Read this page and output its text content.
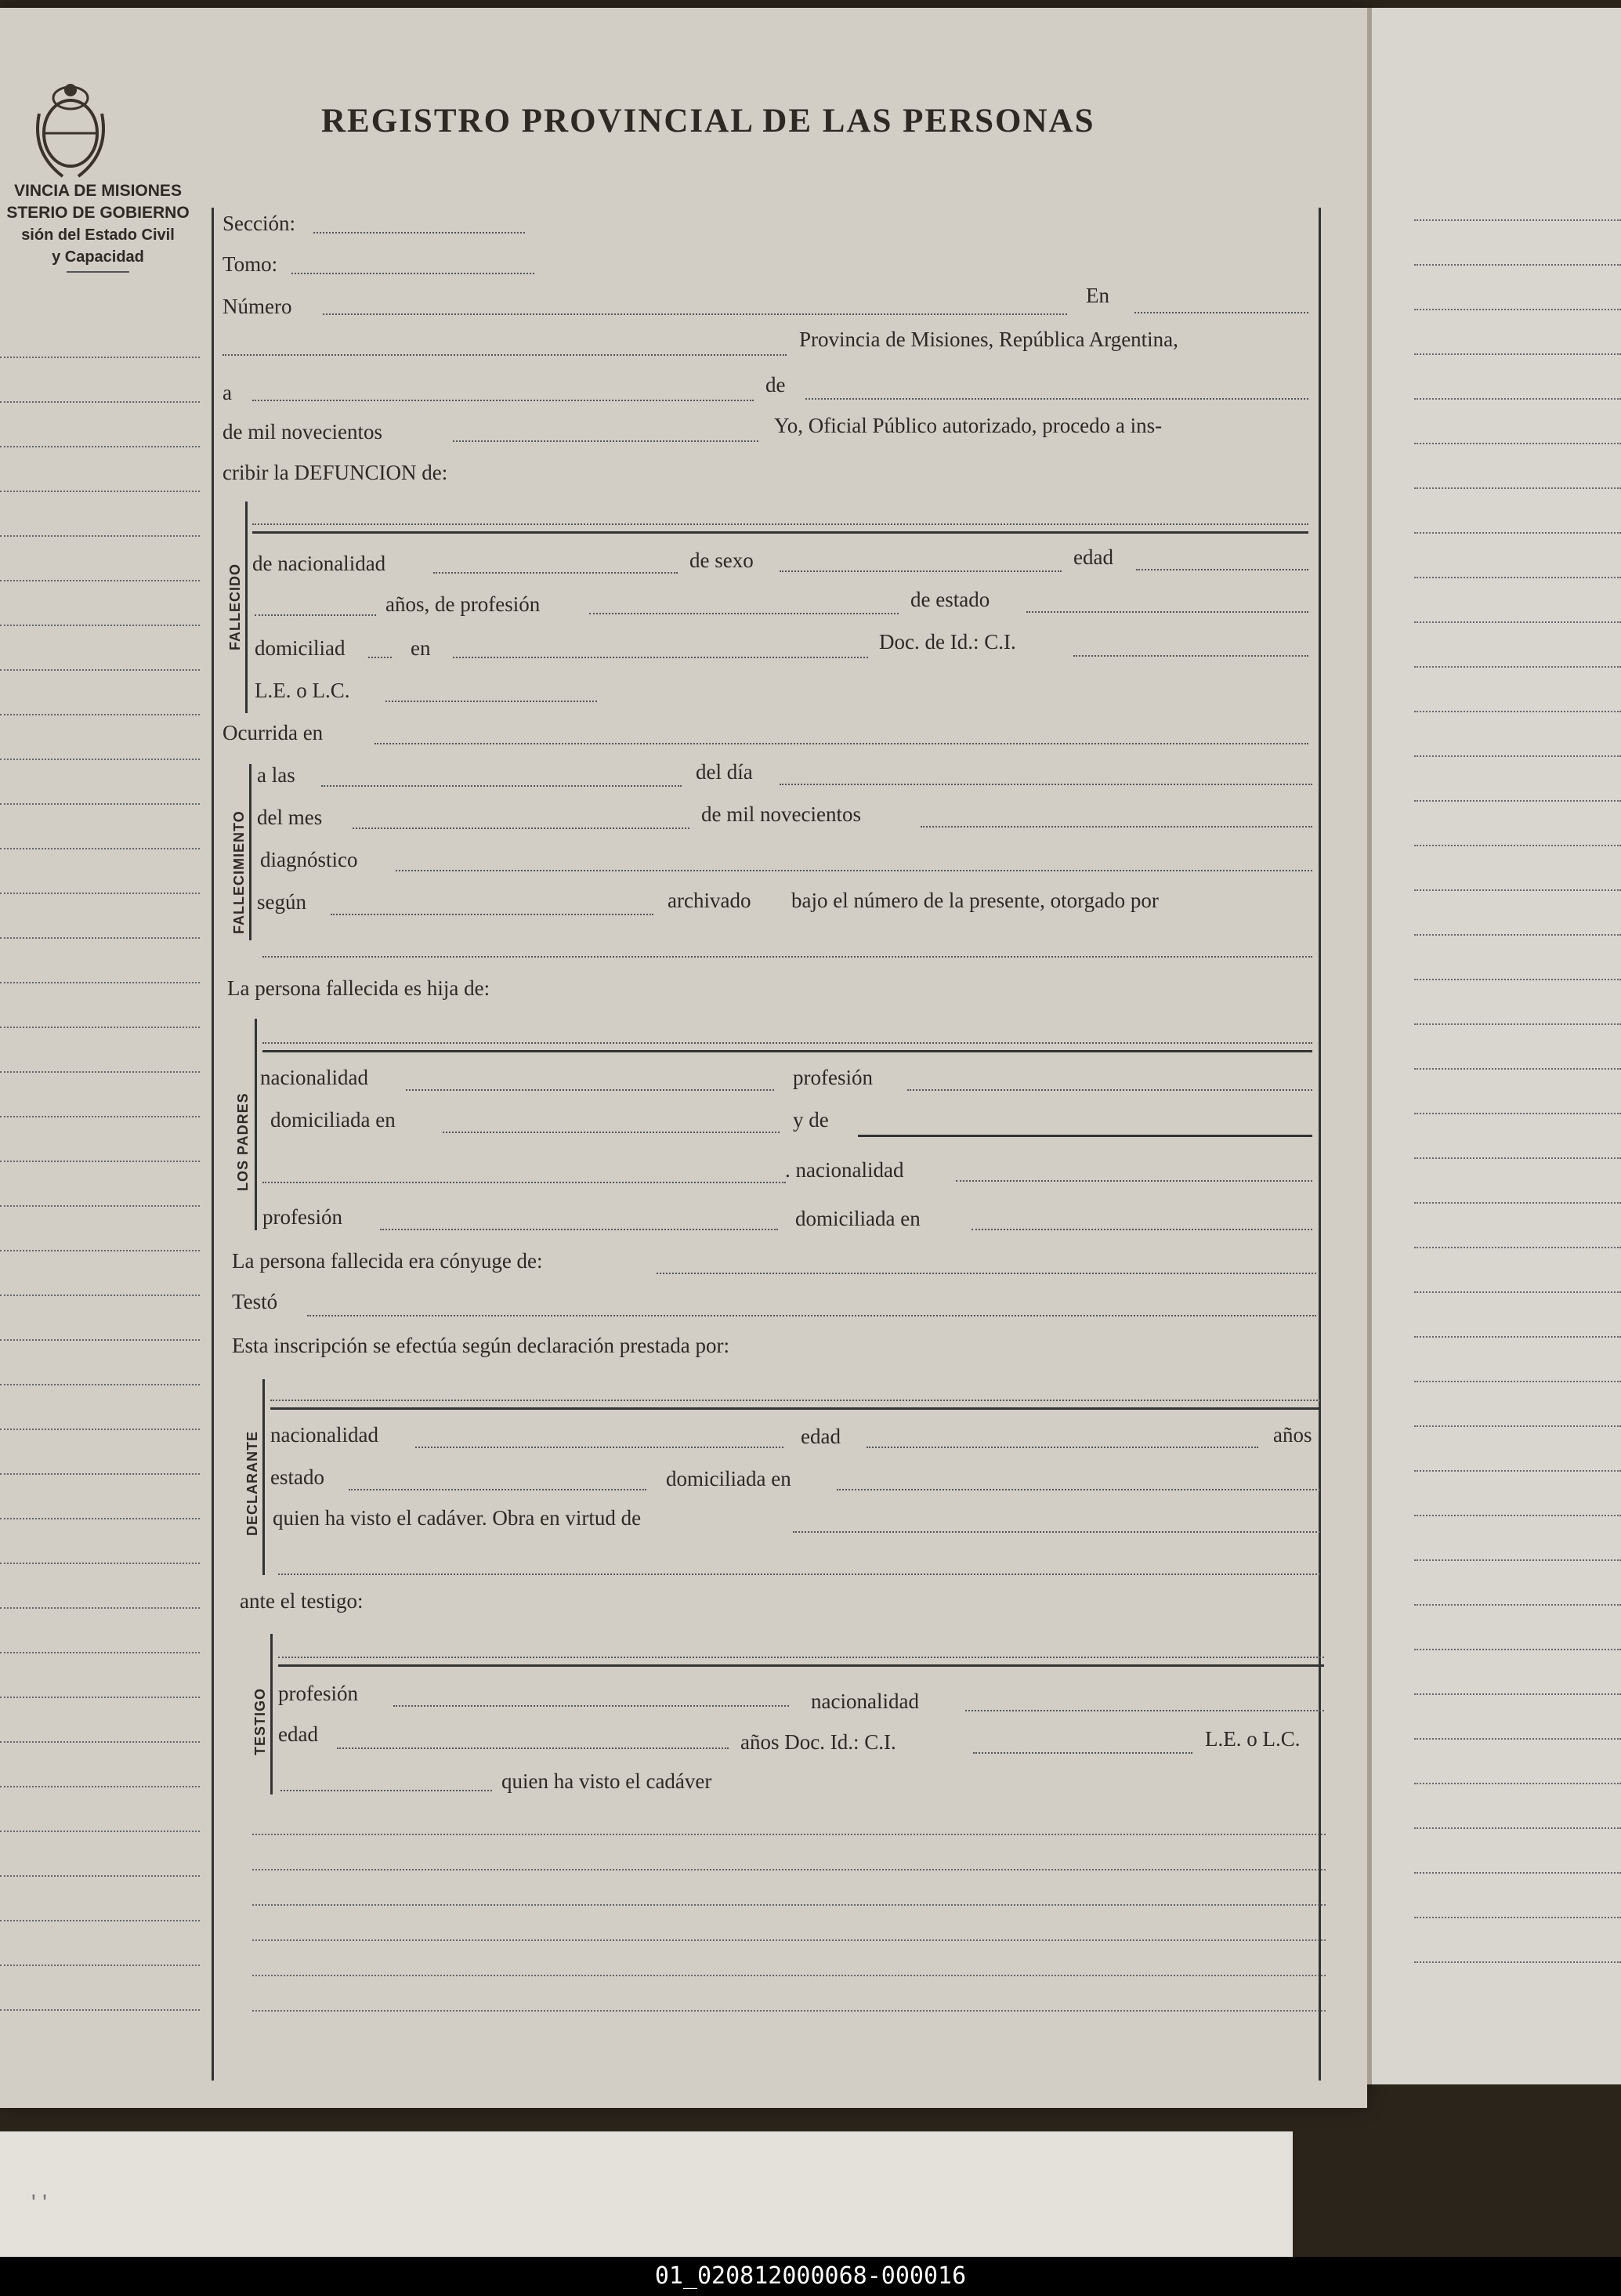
VINCIA DE MISIONES
STERIO DE GOBIERNO
sión del Estado Civil
y Capacidad
REGISTRO PROVINCIAL DE LAS PERSONAS
Sección:
Tomo:
Número	En
Provincia de Misiones, República Argentina,
a	de
de mil novecientos	Yo, Oficial Público autorizado, procedo a ins-
cribir la DEFUNCION de:
FALLECIDO de nacionalidad	de sexo	edad
años, de profesión	de estado
domiciliad	en	Doc. de Id.: C.I.
L.E. o L.C.
Ocurrida en
FALLECIMIENTO
a las	del día
del mes	de mil novecientos
diagnóstico
según	archivado bajo el número de la presente, otorgado por
La persona fallecida es hija de:
LOS PADRES
nacionalidad	profesión
domiciliada en	y de
. nacionalidad
profesión	domiciliada en
La persona fallecida era cónyuge de:
Testó
Esta inscripción se efectúa según declaración prestada por:
DECLARANTE nacionalidad	edad	años
estado	domiciliada en
quien ha visto el cadáver. Obra en virtud de
ante el testigo:
TESTIGO profesión	nacionalidad
edad	años Doc. Id.: C.I.	L.E. o L.C.
quien ha visto el cadáver
' '
01_020812000068-000016
